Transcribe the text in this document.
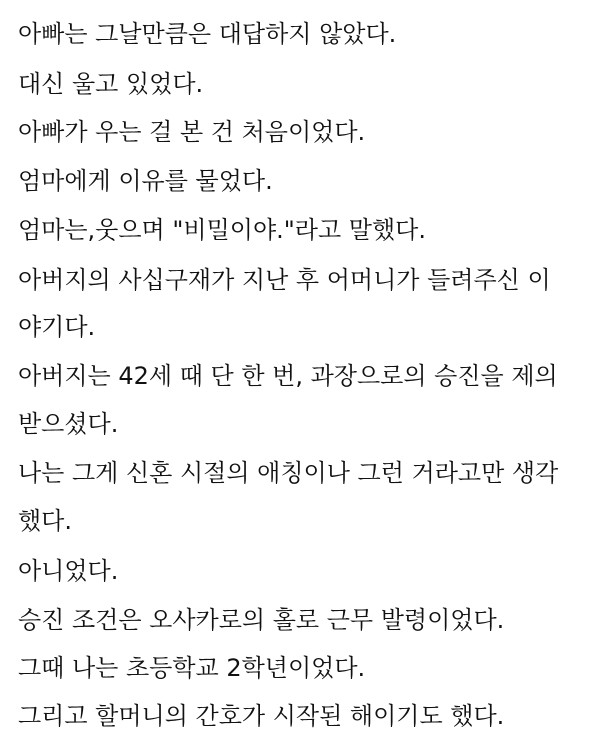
아빠는 그날만큼은 대답하지 않았다.
대신 울고 있었다.
아빠가 우는 걸 본 건 처음이었다.
엄마에게 이유를 물었다.
엄마는,웃으며 "비밀이야."라고 말했다.
아버지의 사십구재가 지난 후 어머니가 들려주신 이
야기다.
아버지는 42세 때 단 한 번, 과장으로의 승진을 제의
받으셨다.
나는 그게 신혼 시절의 애칭이나 그런 거라고만 생각
했다.
아니었다.
승진 조건은 오사카로의 홀로 근무 발령이었다.
그때 나는 초등학교 2학년이었다.
그리고 할머니의 간호가 시작된 해이기도 했다.
